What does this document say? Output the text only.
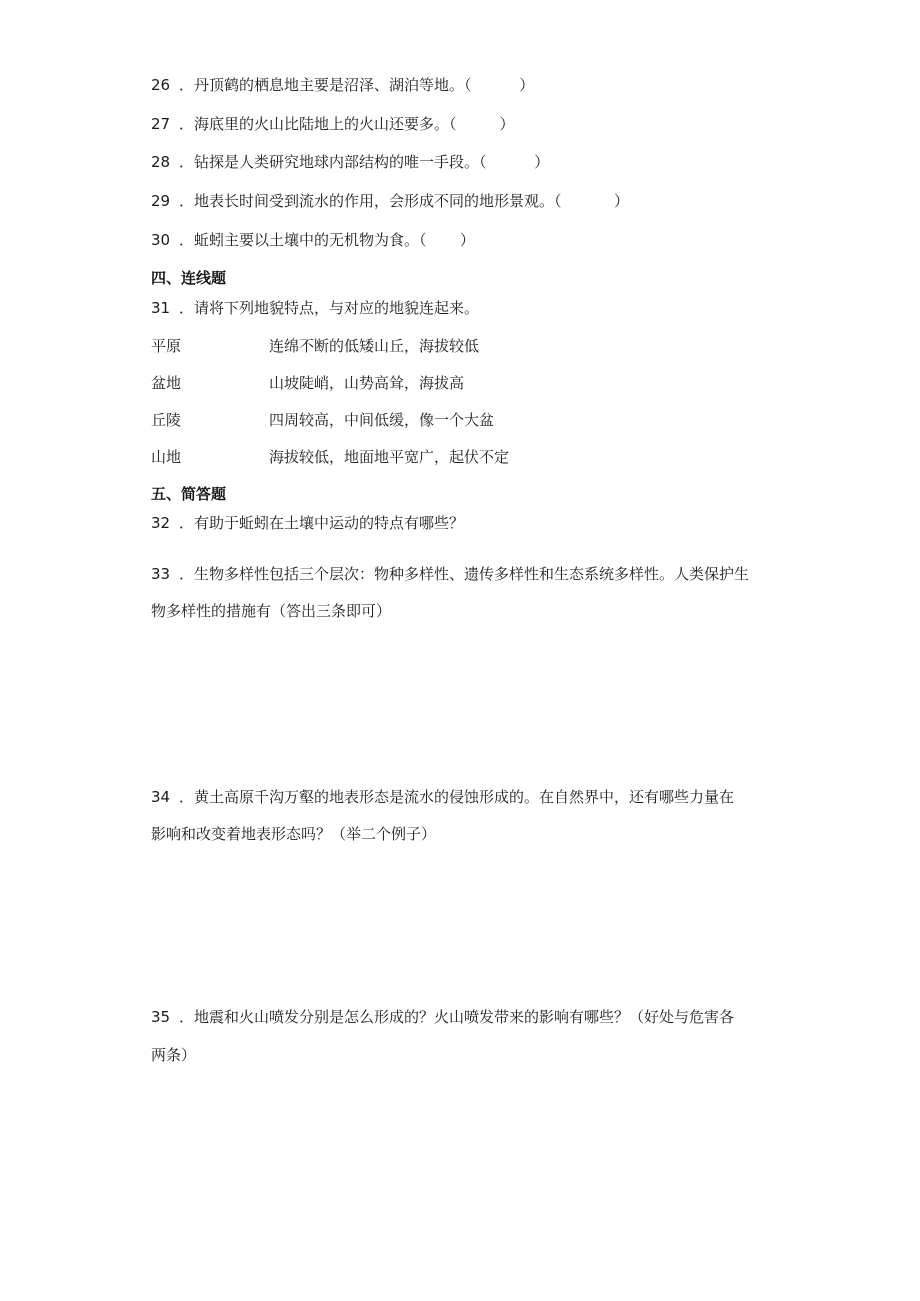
26 ．丹顶鹤的栖息地主要是沼泽、湖泊等地。（	）
27 ．海底里的火山比陆地上的火山还要多。（	）
28 ．钻探是人类研究地球内部结构的唯一手段。（	）
29 ．地表长时间受到流水的作用，会形成不同的地形景观。（	）
30 ．蚯蚓主要以土壤中的无机物为食。（ ）
四、连线题
31 ．请将下列地貌特点，与对应的地貌连起来。
平原	连绵不断的低矮山丘，海拔较低
盆地	山坡陡峭，山势高耸，海拔高
丘陵	四周较高，中间低缓，像一个大盆
山地	海拔较低，地面地平宽广，起伏不定
五、简答题
32 ．有助于蚯蚓在土壤中运动的特点有哪些？
33 ．生物多样性包括三个层次：物种多样性、遗传多样性和生态系统多样性。人类保护生
物多样性的措施有（答出三条即可）
34 ．黄土高原千沟万壑的地表形态是流水的侵蚀形成的。在自然界中，还有哪些力量在
影响和改变着地表形态吗？（举二个例子）
35 ．地震和火山喷发分别是怎么形成的？火山喷发带来的影响有哪些？（好处与危害各
两条）
